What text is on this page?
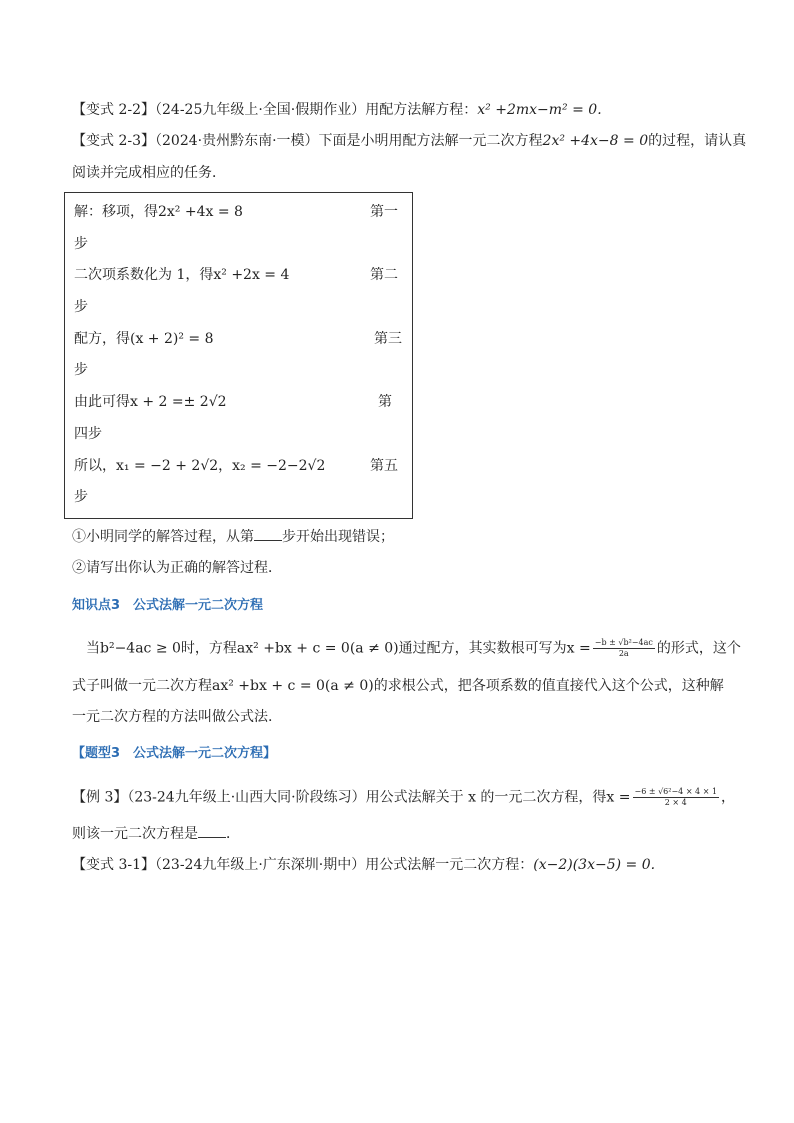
【变式 2-2】（24-25九年级上·全国·假期作业）用配方法解方程：x² +2mx−m² = 0.
【变式 2-3】（2024·贵州黔东南·一模）下面是小明用配方法解一元二次方程2x² +4x−8 = 0的过程，请认真
阅读并完成相应的任务．
解：移项，得2x² +4x = 8	第一
步
二次项系数化为 1，得x² +2x = 4	第二
步
配方，得(x + 2)² = 8	第三
步
由此可得x + 2 =± 2√2	第
四步
所以，x₁ = −2 + 2√2，x₂ = −2−2√2	第五
步
①小明同学的解答过程，从第 步开始出现错误；
②请写出你认为正确的解答过程．
知识点3　公式法解一元二次方程
当b²−4ac ≥ 0时，方程ax² +bx + c = 0(a ≠ 0)通过配方，其实数根可写为$x = \frac{\text{−b ± √b²−4ac}}{2a}$ 的形式，这个
式子叫做一元二次方程ax² +bx + c = 0(a ≠ 0)的求根公式，把各项系数的值直接代入这个公式，这种解
一元二次方程的方法叫做公式法.
【题型3　公式法解一元二次方程】
【例 3】（23-24九年级上·山西大同·阶段练习）用公式法解关于 x 的一元二次方程，得$x = \frac{\text{−6 ± √6²−4 × 4 × 1}}{2 \times 4}$ ，
则该一元二次方程是 ．
【变式 3-1】（23-24九年级上·广东深圳·期中）用公式法解一元二次方程：(x−2)(3x−5) = 0.
